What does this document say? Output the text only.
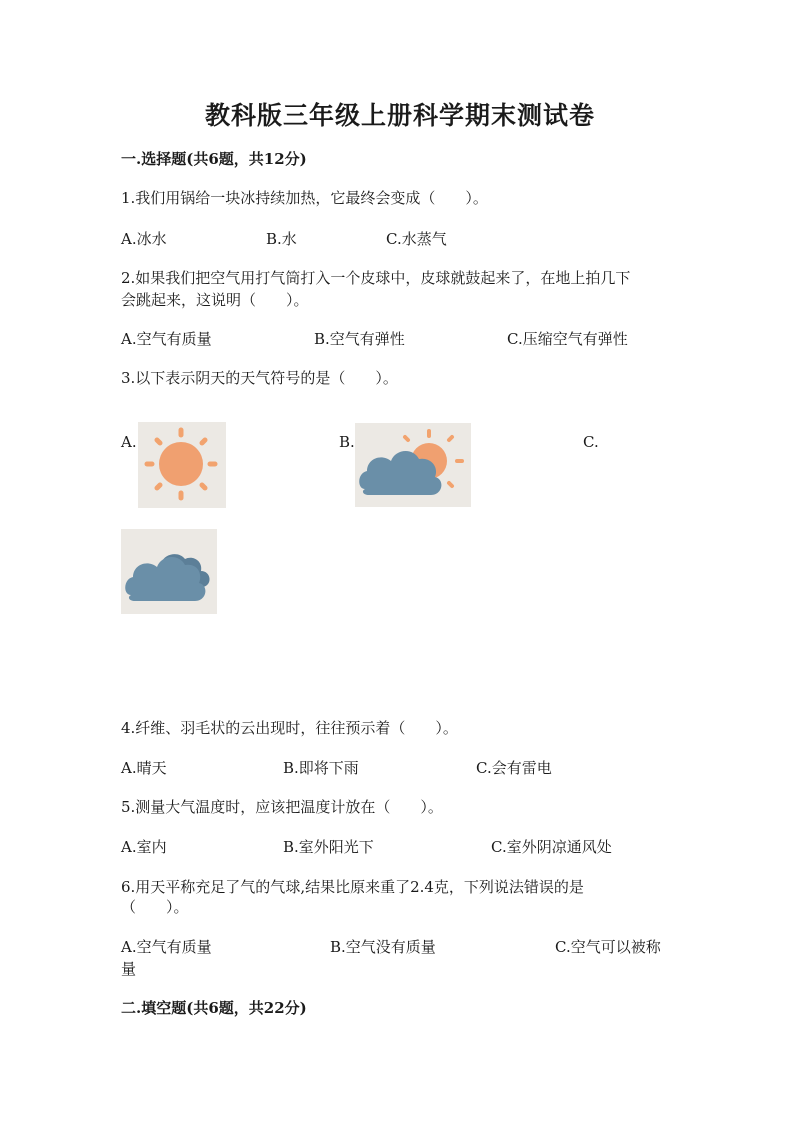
教科版三年级上册科学期末测试卷
一.选择题(共6题，共12分)
1.我们用锅给一块冰持续加热，它最终会变成（　　）。
A.冰水	B.水	C.水蒸气
2.如果我们把空气用打气筒打入一个皮球中，皮球就鼓起来了，在地上拍几下
会跳起来，这说明（　　）。
A.空气有质量	B.空气有弹性	C.压缩空气有弹性
3.以下表示阴天的天气符号的是（　　）。
A.	B.	C.
4.纤维、羽毛状的云出现时，往往预示着（　　）。
A.晴天	B.即将下雨	C.会有雷电
5.测量大气温度时，应该把温度计放在（　　）。
A.室内	B.室外阳光下	C.室外阴凉通风处
6.用天平称充足了气的气球,结果比原来重了2.4克，下列说法错误的是
（　　）。
A.空气有质量	B.空气没有质量	C.空气可以被称
量
二.填空题(共6题，共22分)
